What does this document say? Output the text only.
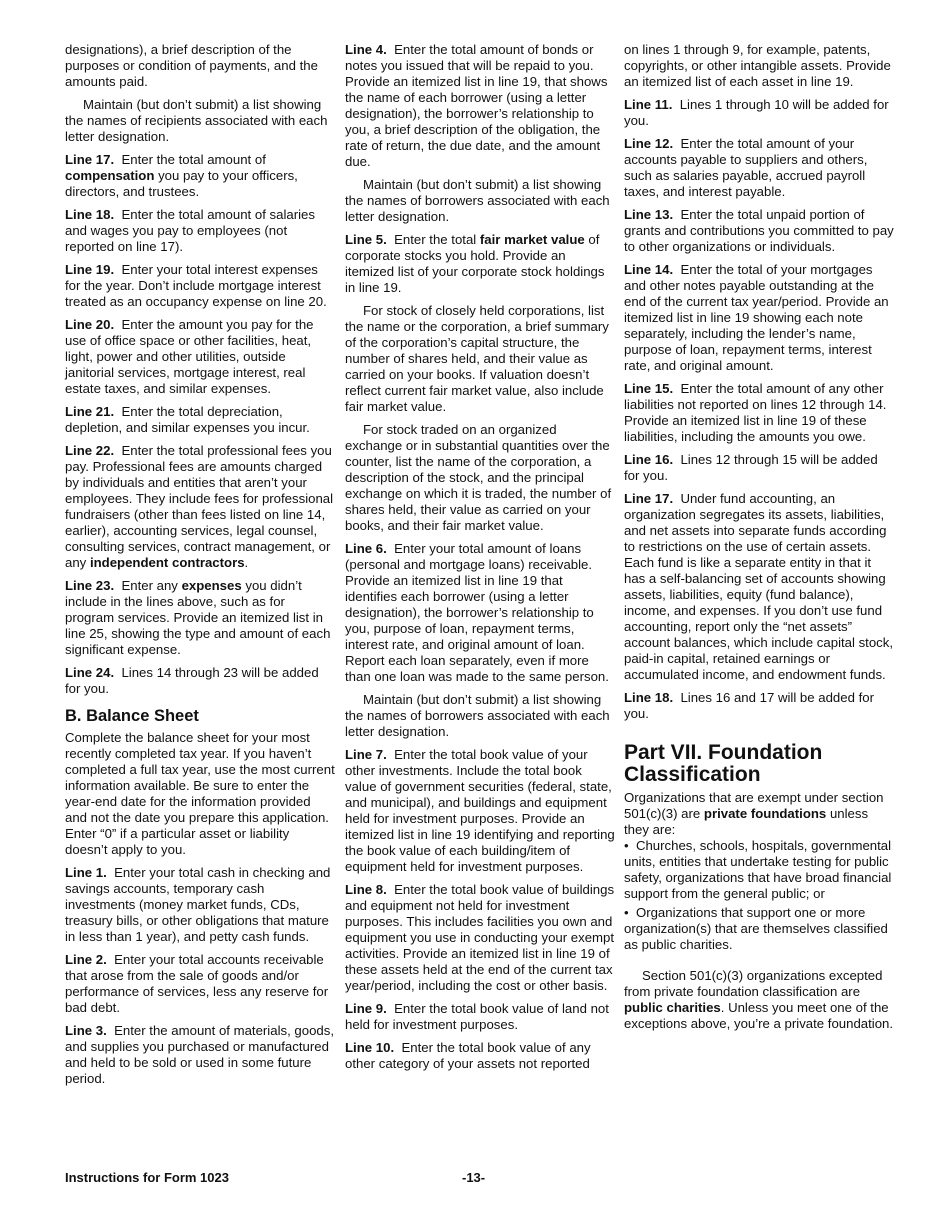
designations), a brief description of the purposes or condition of payments, and the amounts paid.

Maintain (but don’t submit) a list showing the names of recipients associated with each letter designation.

Line 17. Enter the total amount of compensation you pay to your officers, directors, and trustees.

Line 18. Enter the total amount of salaries and wages you pay to employees (not reported on line 17).

Line 19. Enter your total interest expenses for the year. Don’t include mortgage interest treated as an occupancy expense on line 20.

Line 20. Enter the amount you pay for the use of office space or other facilities, heat, light, power and other utilities, outside janitorial services, mortgage interest, real estate taxes, and similar expenses.

Line 21. Enter the total depreciation, depletion, and similar expenses you incur.

Line 22. Enter the total professional fees you pay. Professional fees are amounts charged by individuals and entities that aren’t your employees. They include fees for professional fundraisers (other than fees listed on line 14, earlier), accounting services, legal counsel, consulting services, contract management, or any independent contractors.

Line 23. Enter any expenses you didn’t include in the lines above, such as for program services. Provide an itemized list in line 25, showing the type and amount of each significant expense.

Line 24. Lines 14 through 23 will be added for you.

B. Balance Sheet

Complete the balance sheet for your most recently completed tax year. If you haven’t completed a full tax year, use the most current information available. Be sure to enter the year-end date for the information provided and not the date you prepare this application. Enter “0” if a particular asset or liability doesn’t apply to you.

Line 1. Enter your total cash in checking and savings accounts, temporary cash investments (money market funds, CDs, treasury bills, or other obligations that mature in less than 1 year), and petty cash funds.

Line 2. Enter your total accounts receivable that arose from the sale of goods and/or performance of services, less any reserve for bad debt.

Line 3. Enter the amount of materials, goods, and supplies you purchased or manufactured and held to be sold or used in some future period.

Line 4. Enter the total amount of bonds or notes you issued that will be repaid to you. Provide an itemized list in line 19, that shows the name of each borrower (using a letter designation), the borrower’s relationship to you, a brief description of the obligation, the rate of return, the due date, and the amount due.

Maintain (but don’t submit) a list showing the names of borrowers associated with each letter designation.

Line 5. Enter the total fair market value of corporate stocks you hold. Provide an itemized list of your corporate stock holdings in line 19.

For stock of closely held corporations, list the name or the corporation, a brief summary of the corporation’s capital structure, the number of shares held, and their value as carried on your books. If valuation doesn’t reflect current fair market value, also include fair market value.

For stock traded on an organized exchange or in substantial quantities over the counter, list the name of the corporation, a description of the stock, and the principal exchange on which it is traded, the number of shares held, their value as carried on your books, and their fair market value.

Line 6. Enter your total amount of loans (personal and mortgage loans) receivable. Provide an itemized list in line 19 that identifies each borrower (using a letter designation), the borrower’s relationship to you, purpose of loan, repayment terms, interest rate, and original amount of loan. Report each loan separately, even if more than one loan was made to the same person.

Maintain (but don’t submit) a list showing the names of borrowers associated with each letter designation.

Line 7. Enter the total book value of your other investments. Include the total book value of government securities (federal, state, and municipal), and buildings and equipment held for investment purposes. Provide an itemized list in line 19 identifying and reporting the book value of each building/item of equipment held for investment purposes.

Line 8. Enter the total book value of buildings and equipment not held for investment purposes. This includes facilities you own and equipment you use in conducting your exempt activities. Provide an itemized list in line 19 of these assets held at the end of the current tax year/period, including the cost or other basis.

Line 9. Enter the total book value of land not held for investment purposes.

Line 10. Enter the total book value of any other category of your assets not reported

on lines 1 through 9, for example, patents, copyrights, or other intangible assets. Provide an itemized list of each asset in line 19.

Line 11. Lines 1 through 10 will be added for you.

Line 12. Enter the total amount of your accounts payable to suppliers and others, such as salaries payable, accrued payroll taxes, and interest payable.

Line 13. Enter the total unpaid portion of grants and contributions you committed to pay to other organizations or individuals.

Line 14. Enter the total of your mortgages and other notes payable outstanding at the end of the current tax year/period. Provide an itemized list in line 19 showing each note separately, including the lender’s name, purpose of loan, repayment terms, interest rate, and original amount.

Line 15. Enter the total amount of any other liabilities not reported on lines 12 through 14. Provide an itemized list in line 19 of these liabilities, including the amounts you owe.

Line 16. Lines 12 through 15 will be added for you.

Line 17. Under fund accounting, an organization segregates its assets, liabilities, and net assets into separate funds according to restrictions on the use of certain assets. Each fund is like a separate entity in that it has a self-balancing set of accounts showing assets, liabilities, equity (fund balance), income, and expenses. If you don’t use fund accounting, report only the “net assets” account balances, which include capital stock, paid-in capital, retained earnings or accumulated income, and endowment funds.

Line 18. Lines 16 and 17 will be added for you.

Part VII. Foundation Classification

Organizations that are exempt under section 501(c)(3) are private foundations unless they are:

• Churches, schools, hospitals, governmental units, entities that undertake testing for public safety, organizations that have broad financial support from the general public; or

• Organizations that support one or more organization(s) that are themselves classified as public charities.

Section 501(c)(3) organizations excepted from private foundation classification are public charities. Unless you meet one of the exceptions above, you’re a private foundation.

Instructions for Form 1023	-13-
